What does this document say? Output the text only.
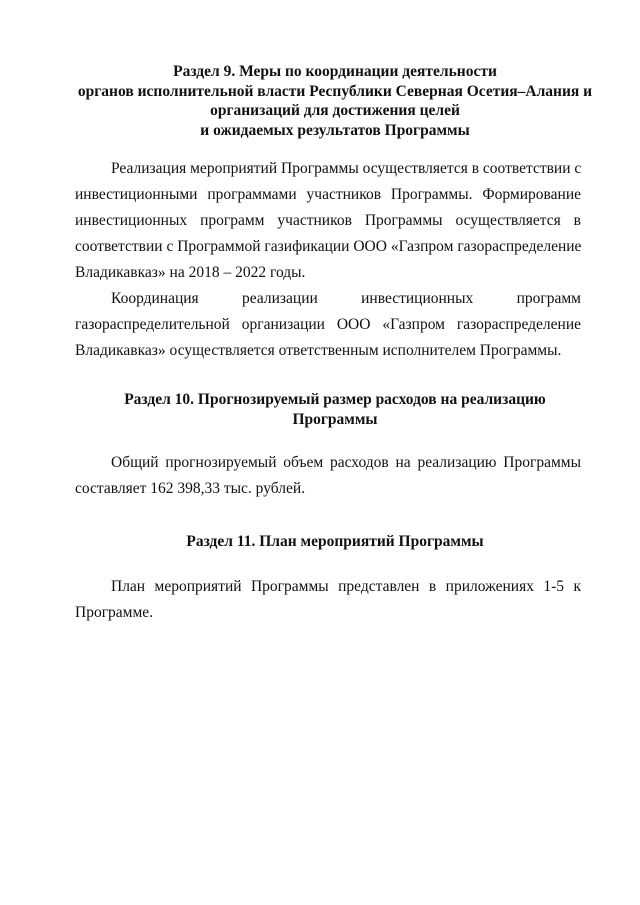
Раздел 9. Меры по координации деятельности
органов исполнительной власти Республики Северная Осетия–Алания и
организаций для достижения целей
и ожидаемых результатов Программы
Реализация мероприятий Программы осуществляется в соответствии с
инвестиционными программами участников Программы. Формирование
инвестиционных программ участников Программы осуществляется в
соответствии с Программой газификации ООО «Газпром газораспределение
Владикавказ» на 2018 – 2022 годы.
Координация реализации инвестиционных программ
газораспределительной организации ООО «Газпром газораспределение
Владикавказ» осуществляется ответственным исполнителем Программы.
Раздел 10. Прогнозируемый размер расходов на реализацию
Программы
Общий прогнозируемый объем расходов на реализацию Программы
составляет 162 398,33 тыс. рублей.
Раздел 11. План мероприятий Программы
План мероприятий Программы представлен в приложениях 1-5 к
Программе.
